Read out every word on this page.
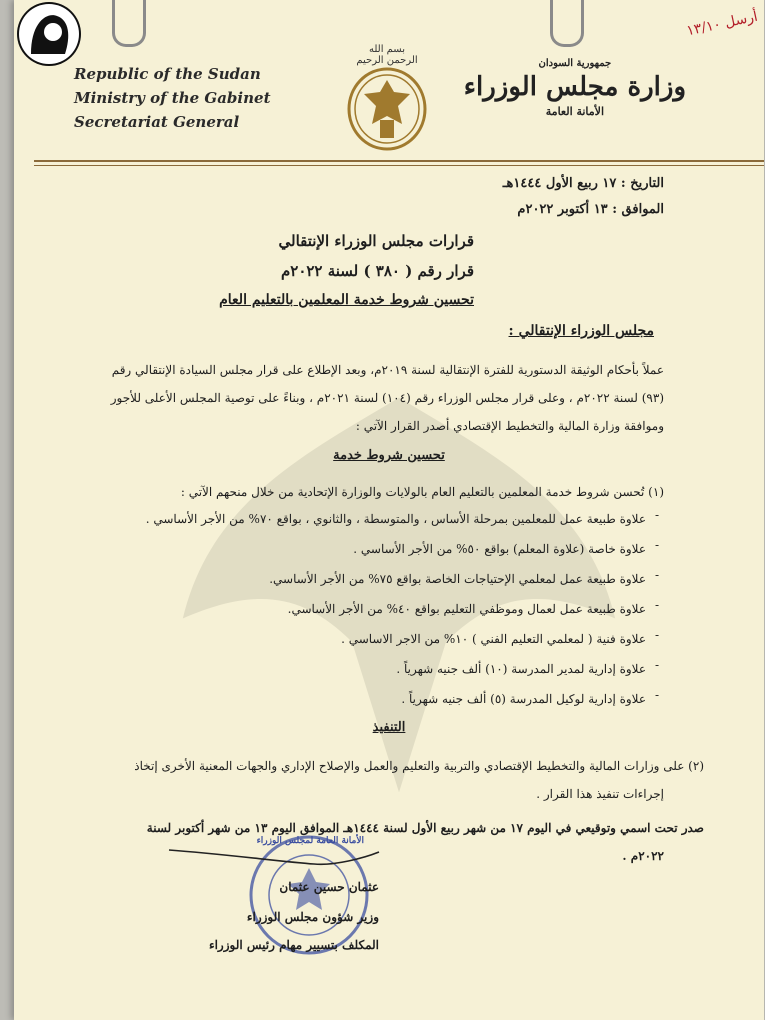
أرسل ١٣/١٠
Republic of the Sudan
Ministry of the Gabinet
Secretariat General
بسم الله الرحمن الرحيم	جمهورية السودان
وزارة مجلس الوزراء
الأمانة العامة
التاريخ : ١٧ ربيع الأول ١٤٤٤هـ
الموافق : ١٣ أكتوبر ٢٠٢٢م
قرارات مجلس الوزراء الإنتقالي
قرار رقم ( ٣٨٠ ) لسنة ٢٠٢٢م
تحسين شروط خدمة المعلمين بالتعليم العام
مجلس الوزراء الإنتقالي :
عملاً بأحكام الوثيقة الدستورية للفترة الإنتقالية لسنة ٢٠١٩م، وبعد الإطلاع على قرار مجلس السيادة الإنتقالي رقم
(٩٣) لسنة ٢٠٢٢م ، وعلى قرار مجلس الوزراء رقم (١٠٤) لسنة ٢٠٢١م ، وبناءً على توصية المجلس الأعلى للأجور
وموافقة وزارة المالية والتخطيط الإقتصادي أصدر القرار الآتي :
تحسين شروط خدمة
(١) تُحسن شروط خدمة المعلمين بالتعليم العام بالولايات والوزارة الإتحادية من خلال منحهم الآتي :
-
علاوة طبيعة عمل للمعلمين بمرحلة الأساس ، والمتوسطة ، والثانوي ، بواقع ٧٠% من الأجر الأساسي .
-
علاوة خاصة (علاوة المعلم) بواقع ٥٠% من الأجر الأساسي .
-
علاوة طبيعة عمل لمعلمي الإحتياجات الخاصة بواقع ٧٥% من الأجر الأساسي.
-
علاوة طبيعة عمل لعمال وموظفي التعليم بواقع ٤٠% من الأجر الأساسي.
-
علاوة فنية ( لمعلمي التعليم الفني ) ١٠% من الاجر الاساسي .
-
علاوة إدارية لمدير المدرسة (١٠) ألف جنيه شهرياً .
-
علاوة إدارية لوكيل المدرسة (٥) ألف جنيه شهرياً .
التنفيذ
(٢) على وزارات المالية والتخطيط الإقتصادي والتربية والتعليم والعمل والإصلاح الإداري والجهات المعنية الأخرى إتخاذ
إجراءات تنفيذ هذا القرار .
صدر تحت اسمي وتوقيعي في اليوم ١٧ من شهر ربيع الأول لسنة ١٤٤٤هـ الموافق اليوم ١٣ من شهر أكتوبر لسنة
٢٠٢٢م .
الأمانة العامة لمجلس الوزراء
عثمان حسين عثمان
وزير شؤون مجلس الوزراء
المكلف بتسيير مهام رئيس الوزراء
